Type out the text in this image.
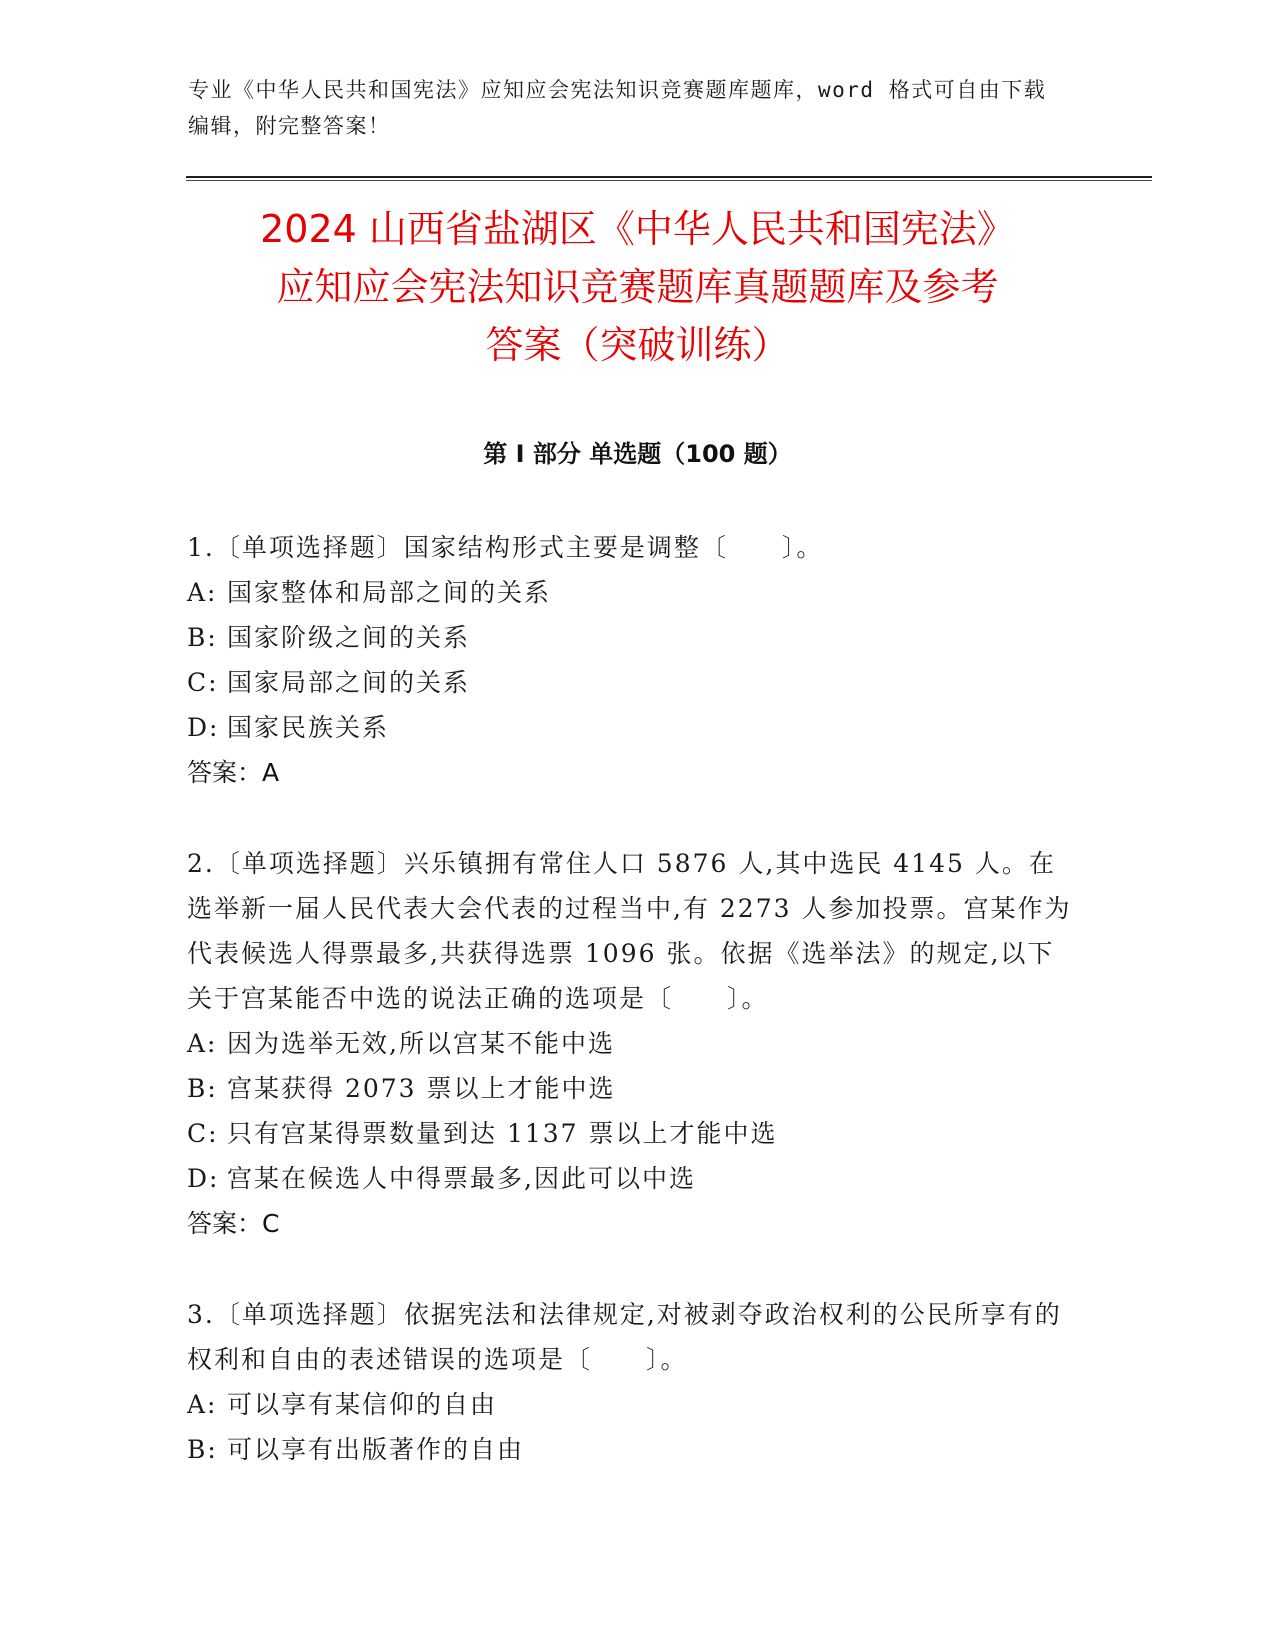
专业《中华人民共和国宪法》应知应会宪法知识竞赛题库题库，word 格式可自由下载编辑，附完整答案！
2024 山西省盐湖区《中华人民共和国宪法》
应知应会宪法知识竞赛题库真题题库及参考
答案（突破训练）
第 I 部分 单选题（100 题）
1.〔单项选择题〕国家结构形式主要是调整〔　　〕。
A: 国家整体和局部之间的关系
B: 国家阶级之间的关系
C: 国家局部之间的关系
D: 国家民族关系
答案：A
2.〔单项选择题〕兴乐镇拥有常住人口 5876 人,其中选民 4145 人。在选举新一届人民代表大会代表的过程当中,有 2273 人参加投票。宫某作为代表候选人得票最多,共获得选票 1096 张。依据《选举法》的规定,以下关于宫某能否中选的说法正确的选项是〔　　〕。
A: 因为选举无效,所以宫某不能中选
B: 宫某获得 2073 票以上才能中选
C: 只有宫某得票数量到达 1137 票以上才能中选
D: 宫某在候选人中得票最多,因此可以中选
答案：C
3.〔单项选择题〕依据宪法和法律规定,对被剥夺政治权利的公民所享有的权利和自由的表述错误的选项是〔　　〕。
A: 可以享有某信仰的自由
B: 可以享有出版著作的自由
